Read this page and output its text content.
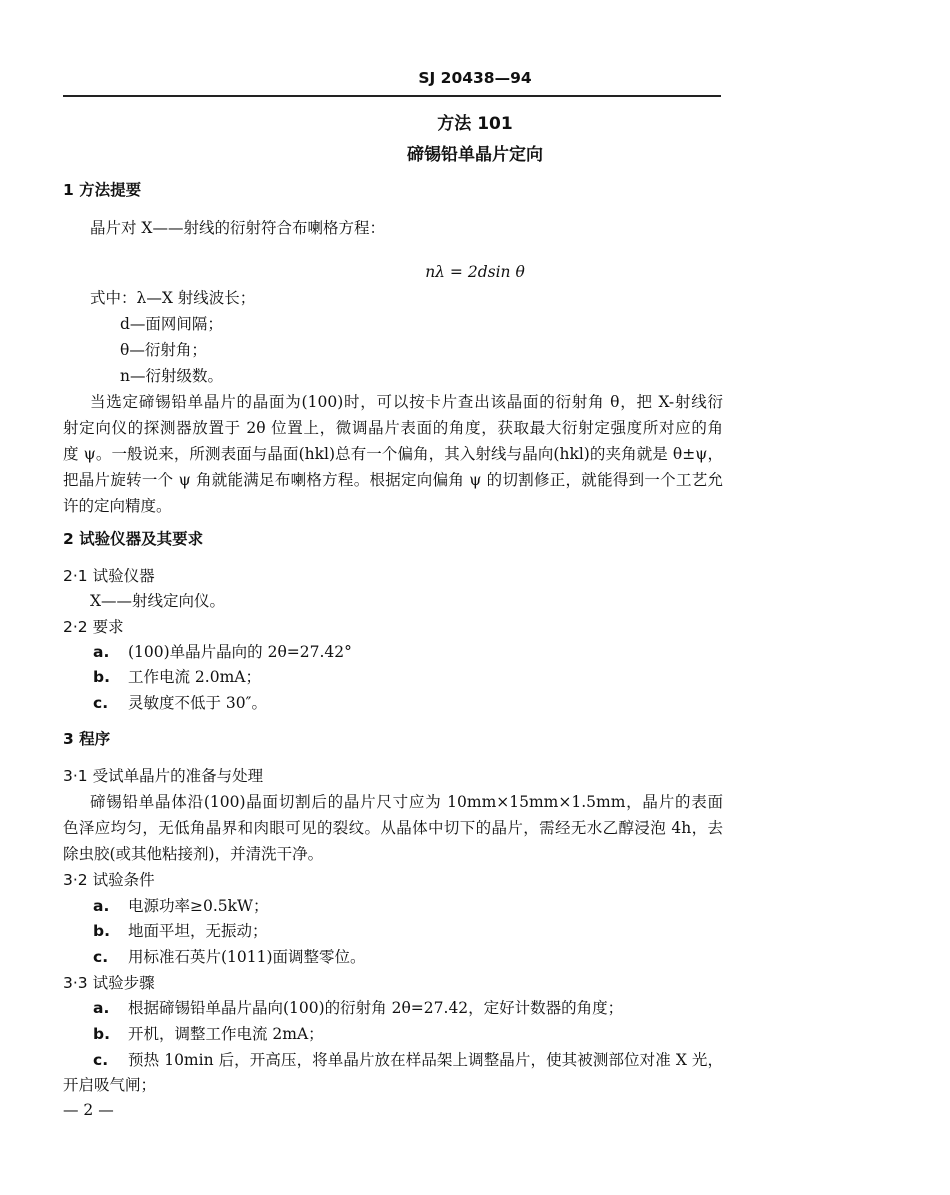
SJ 20438—94
方法 101
碲锡铅单晶片定向
1 方法提要
晶片对 X——射线的衍射符合布喇格方程：
nλ = 2dsin θ
式中：λ—X 射线波长；
d—面网间隔；
θ—衍射角；
n—衍射级数。
当选定碲锡铅单晶片的晶面为(100)时，可以按卡片查出该晶面的衍射角 θ，把 X-射线衍
射定向仪的探测器放置于 2θ 位置上，微调晶片表面的角度，获取最大衍射定强度所对应的角
度 ψ。一般说来，所测表面与晶面(hkl)总有一个偏角，其入射线与晶向(hkl)的夹角就是 θ±ψ，
把晶片旋转一个 ψ 角就能满足布喇格方程。根据定向偏角 ψ 的切割修正，就能得到一个工艺允
许的定向精度。
2 试验仪器及其要求
2·1 试验仪器
X——射线定向仪。
2·2 要求
a. (100)单晶片晶向的 2θ=27.42°
b. 工作电流 2.0mA；
c. 灵敏度不低于 30″。
3 程序
3·1 受试单晶片的准备与处理
碲锡铅单晶体沿(100)晶面切割后的晶片尺寸应为 10mm×15mm×1.5mm，晶片的表面
色泽应均匀，无低角晶界和肉眼可见的裂纹。从晶体中切下的晶片，需经无水乙醇浸泡 4h，去
除虫胶(或其他粘接剂)，并清洗干净。
3·2 试验条件
a. 电源功率≥0.5kW；
b. 地面平坦，无振动；
c. 用标准石英片(1011)面调整零位。
3·3 试验步骤
a. 根据碲锡铅单晶片晶向(100)的衍射角 2θ=27.42，定好计数器的角度；
b. 开机，调整工作电流 2mA；
c. 预热 10min 后，开高压，将单晶片放在样品架上调整晶片，使其被测部位对准 X 光，
开启吸气闸；
— 2 —
